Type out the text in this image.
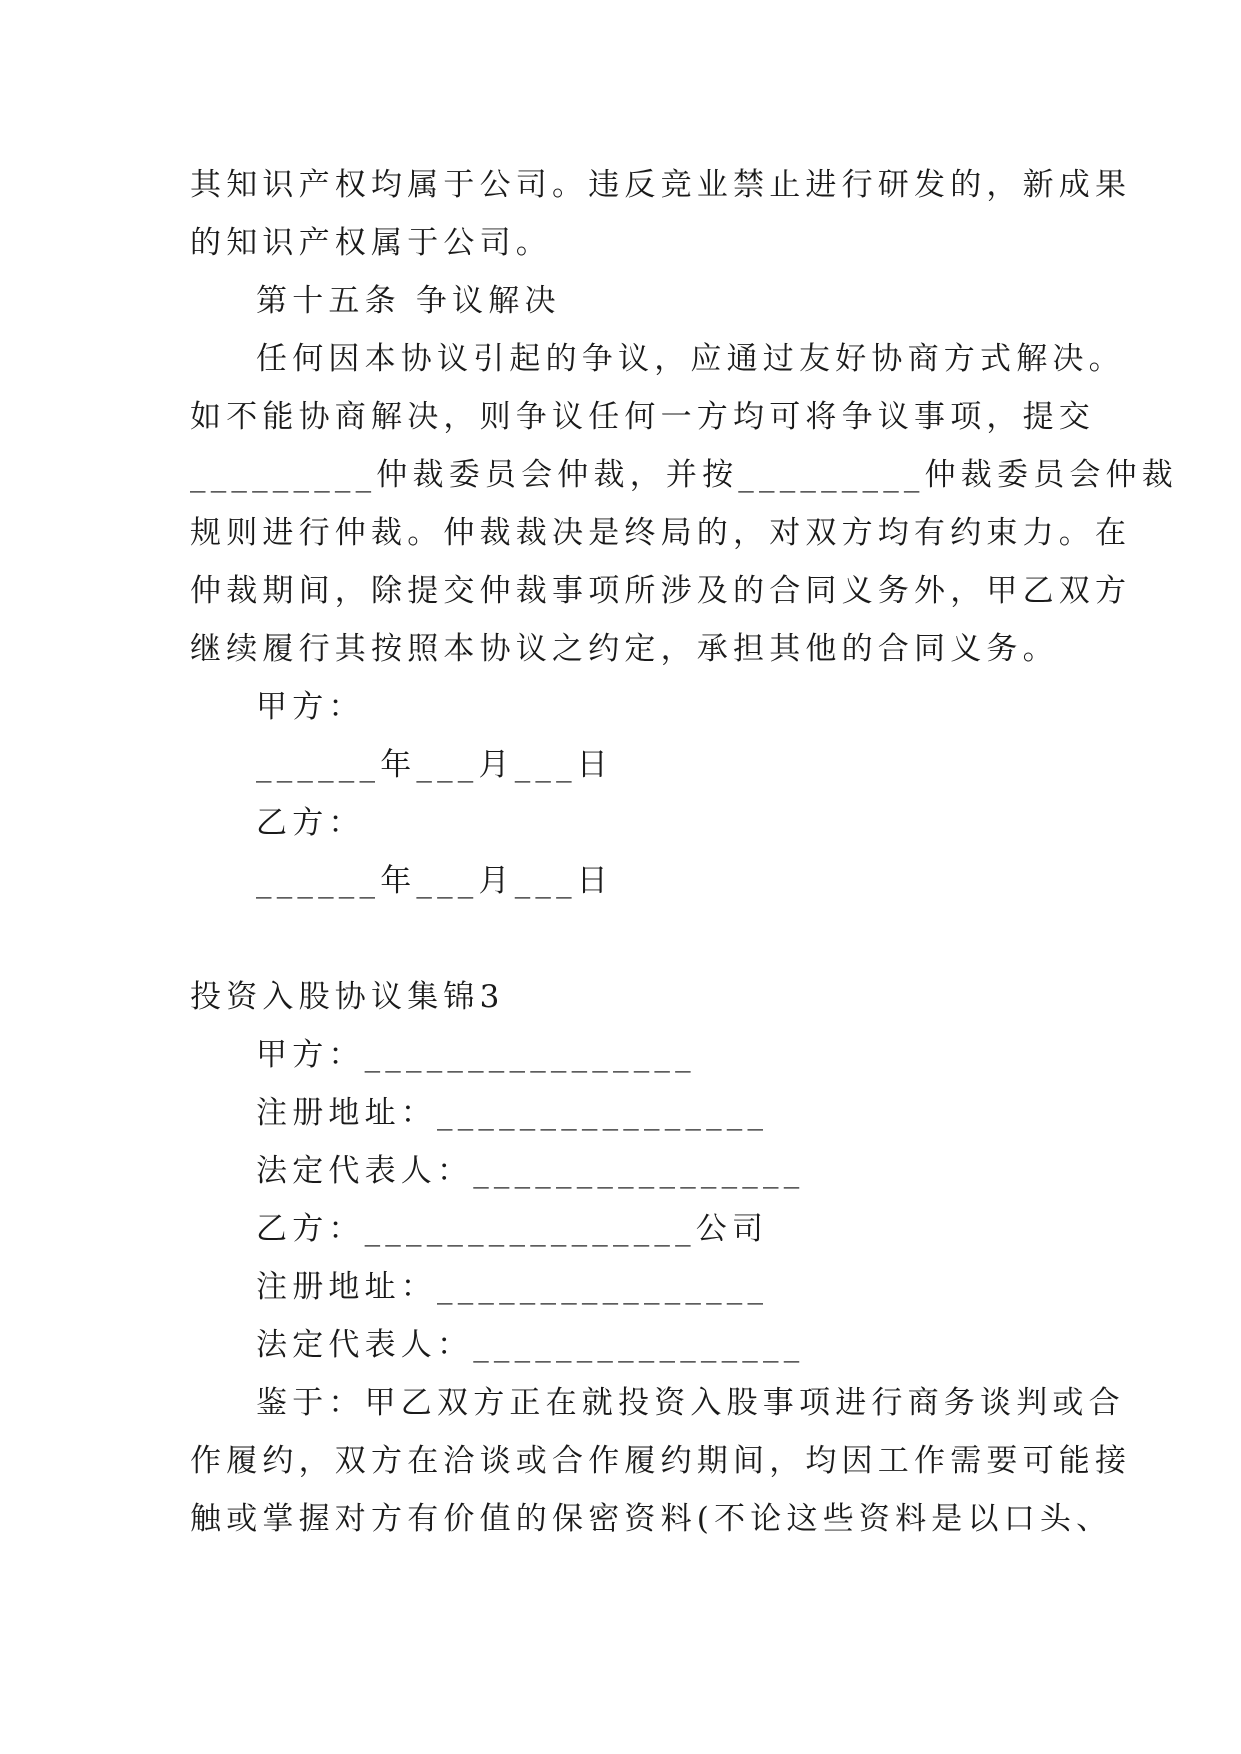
其知识产权均属于公司。违反竞业禁止进行研发的，新成果
的知识产权属于公司。
第十五条 争议解决
任何因本协议引起的争议，应通过友好协商方式解决。
如不能协商解决，则争议任何一方均可将争议事项，提交
_________仲裁委员会仲裁，并按_________仲裁委员会仲裁
规则进行仲裁。仲裁裁决是终局的，对双方均有约束力。在
仲裁期间，除提交仲裁事项所涉及的合同义务外，甲乙双方
继续履行其按照本协议之约定，承担其他的合同义务。
甲方：
______年___月___日
乙方：
______年___月___日
投资入股协议集锦3
甲方：________________
注册地址：________________
法定代表人：________________
乙方：________________公司
注册地址：________________
法定代表人：________________
鉴于：甲乙双方正在就投资入股事项进行商务谈判或合
作履约，双方在洽谈或合作履约期间，均因工作需要可能接
触或掌握对方有价值的保密资料(不论这些资料是以口头、
